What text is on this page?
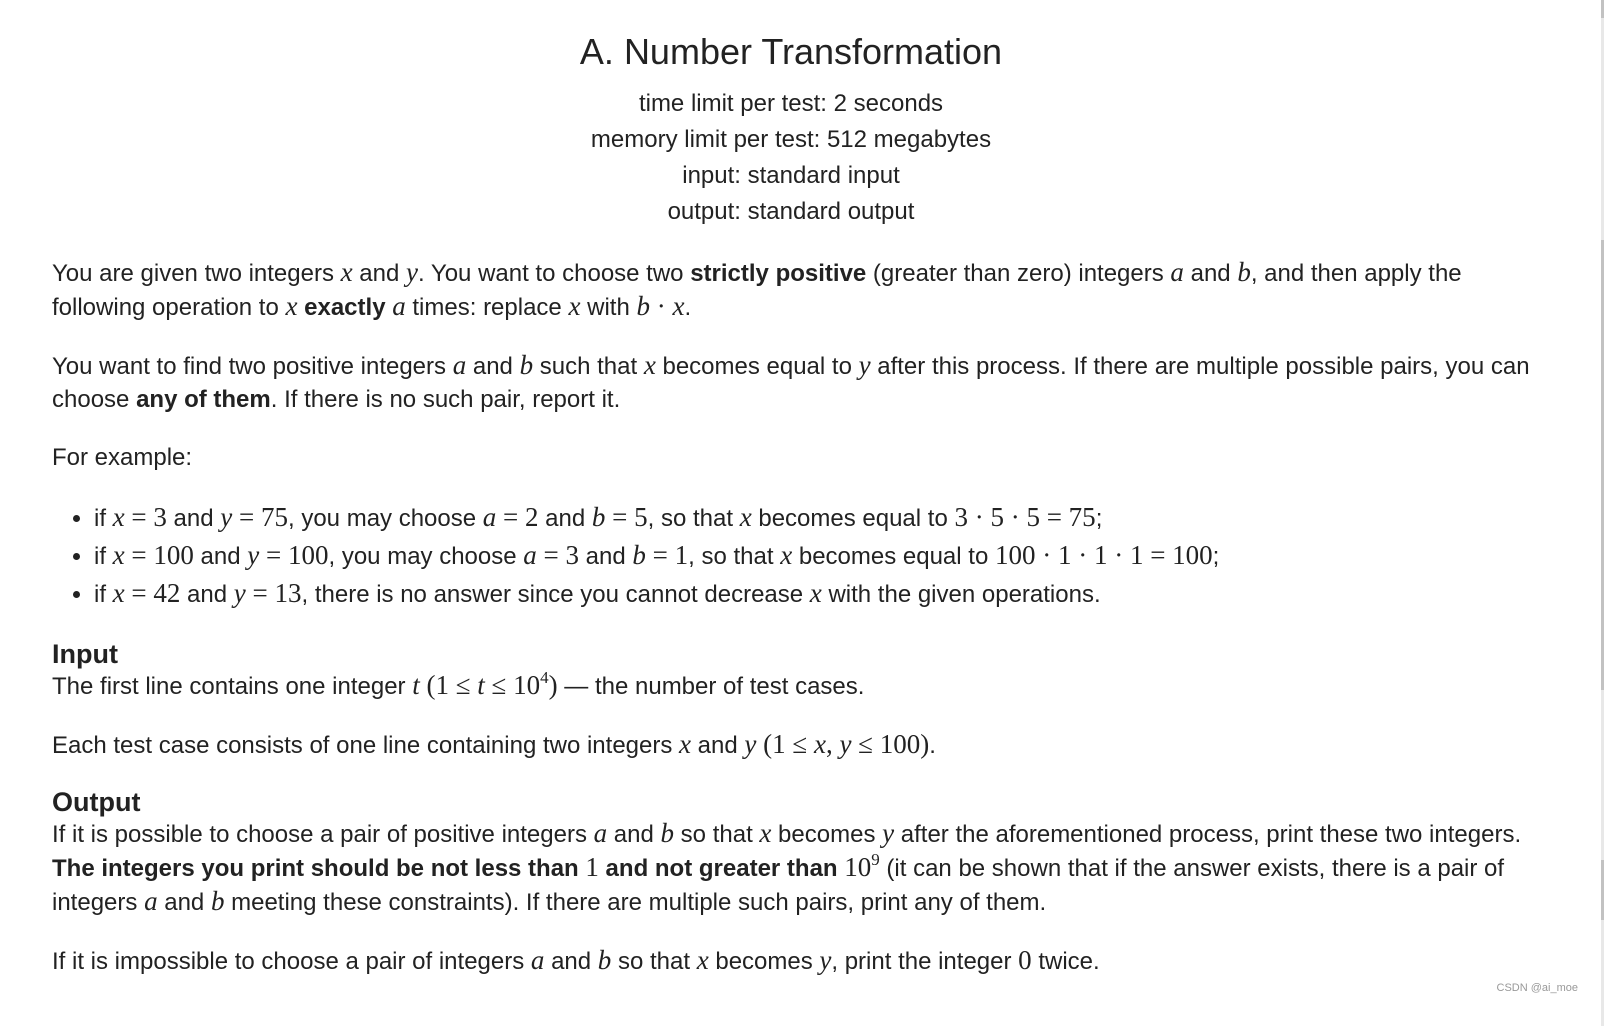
A. Number Transformation
time limit per test: 2 seconds
memory limit per test: 512 megabytes
input: standard input
output: standard output

You are given two integers x and y. You want to choose two strictly positive (greater than zero) integers a and b, and then apply the following operation to x exactly a times: replace x with b · x.

You want to find two positive integers a and b such that x becomes equal to y after this process. If there are multiple possible pairs, you can choose any of them. If there is no such pair, report it.

For example:

• if x = 3 and y = 75, you may choose a = 2 and b = 5, so that x becomes equal to 3 · 5 · 5 = 75;
• if x = 100 and y = 100, you may choose a = 3 and b = 1, so that x becomes equal to 100 · 1 · 1 · 1 = 100;
• if x = 42 and y = 13, there is no answer since you cannot decrease x with the given operations.
Input

The first line contains one integer t $(1 \le t \le 10^4)$ — the number of test cases.

Each test case consists of one line containing two integers x and y (1 ≤ x, y ≤ 100).

Output

If it is possible to choose a pair of positive integers a and b so that x becomes y after the aforementioned process, print these two integers. The integers you print should be not less than 1 and not greater than $10^9$ (it can be shown that if the answer exists, there is a pair of integers a and b meeting these constraints). If there are multiple such pairs, print any of them.

If it is impossible to choose a pair of integers a and b so that x becomes y, print the integer 0 twice.

CSDN @ai_moe
